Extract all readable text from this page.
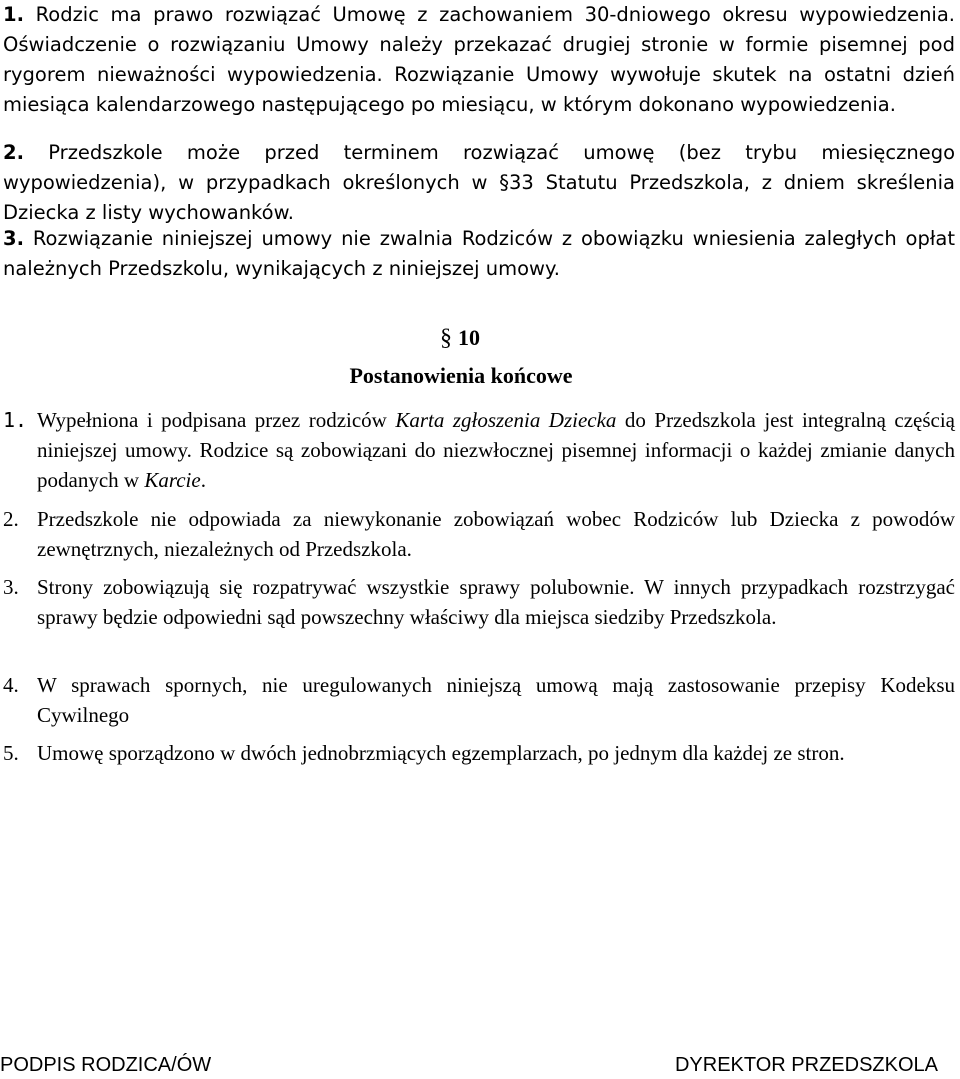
1. Rodzic ma prawo rozwiązać Umowę z zachowaniem 30-dniowego okresu wypowiedzenia. Oświadczenie o rozwiązaniu Umowy należy przekazać drugiej stronie w formie pisemnej pod rygorem nieważności wypowiedzenia. Rozwiązanie Umowy wywołuje skutek na ostatni dzień miesiąca kalendarzowego następującego po miesiącu, w którym dokonano wypowiedzenia.
2. Przedszkole może przed terminem rozwiązać umowę (bez trybu miesięcznego wypowiedzenia), w przypadkach określonych w §33 Statutu Przedszkola, z dniem skreślenia Dziecka z listy wychowanków.
3. Rozwiązanie niniejszej umowy nie zwalnia Rodziców z obowiązku wniesienia zaległych opłat należnych Przedszkolu, wynikających z niniejszej umowy.
§ 10
Postanowienia końcowe
1. Wypełniona i podpisana przez rodziców Karta zgłoszenia Dziecka do Przedszkola jest integralną częścią niniejszej umowy. Rodzice są zobowiązani do niezwłocznej pisemnej informacji o każdej zmianie danych podanych w Karcie.
2. Przedszkole nie odpowiada za niewykonanie zobowiązań wobec Rodziców lub Dziecka z powodów zewnętrznych, niezależnych od Przedszkola.
3. Strony zobowiązują się rozpatrywać wszystkie sprawy polubownie. W innych przypadkach rozstrzygać sprawy będzie odpowiedni sąd powszechny właściwy dla miejsca siedziby Przedszkola.
4. W sprawach spornych, nie uregulowanych niniejszą umową mają zastosowanie przepisy Kodeksu Cywilnego
5. Umowę sporządzono w dwóch jednobrzmiących egzemplarzach, po jednym dla każdej ze stron.
PODPIS RODZICA/ÓW	DYREKTOR PRZEDSZKOLA
